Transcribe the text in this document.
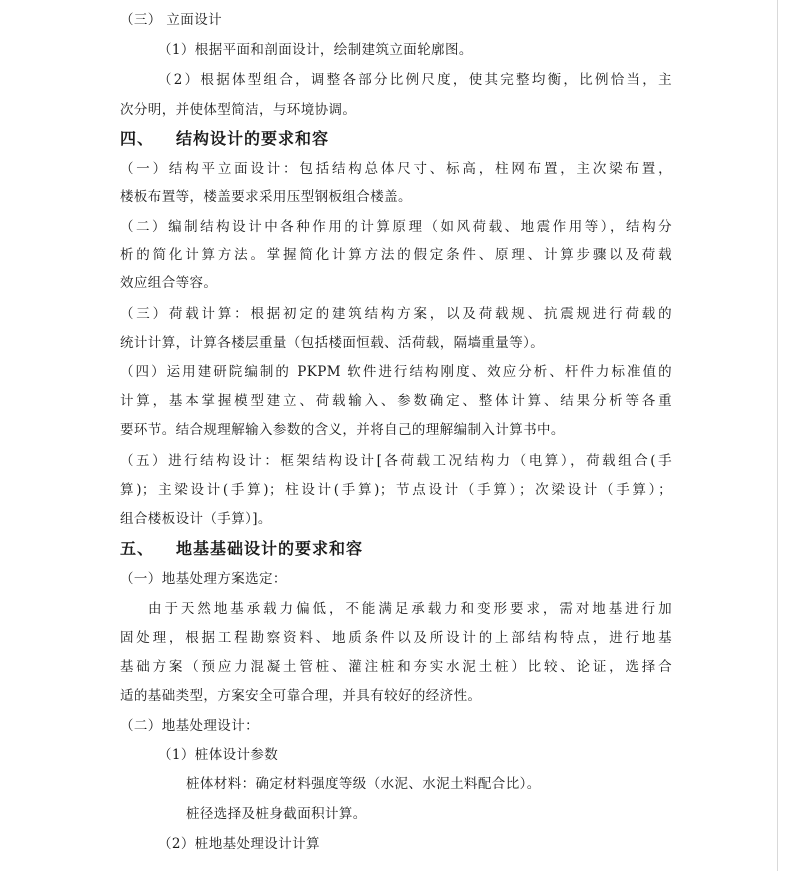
（三） 立面设计
（1）根据平面和剖面设计，绘制建筑立面轮廓图。
（2）根据体型组合，调整各部分比例尺度，使其完整均衡，比例恰当，主
次分明，并使体型简洁，与环境协调。
四、 结构设计的要求和容
（一）结构平立面设计：包括结构总体尺寸、标高，柱网布置，主次梁布置，
楼板布置等，楼盖要求采用压型钢板组合楼盖。
（二）编制结构设计中各种作用的计算原理（如风荷载、地震作用等），结构分
析的简化计算方法。掌握简化计算方法的假定条件、原理、计算步骤以及荷载
效应组合等容。
（三）荷载计算：根据初定的建筑结构方案，以及荷载规、抗震规进行荷载的
统计计算，计算各楼层重量（包括楼面恒载、活荷载，隔墙重量等）。
（四）运用建研院编制的 PKPM 软件进行结构刚度、效应分析、杆件力标准值的
计算，基本掌握模型建立、荷载输入、参数确定、整体计算、结果分析等各重
要环节。结合规理解输入参数的含义，并将自己的理解编制入计算书中。
（五）进行结构设计：框架结构设计[各荷载工况结构力（电算），荷载组合(手
算)；主梁设计(手算)；柱设计(手算)；节点设计（手算）；次梁设计（手算）；
组合楼板设计（手算）]。
五、 地基基础设计的要求和容
（一）地基处理方案选定：
由于天然地基承载力偏低，不能满足承载力和变形要求，需对地基进行加
固处理，根据工程勘察资料、地质条件以及所设计的上部结构特点，进行地基
基础方案（预应力混凝土管桩、灌注桩和夯实水泥土桩）比较、论证，选择合
适的基础类型，方案安全可靠合理，并具有较好的经济性。
（二）地基处理设计：
（1）桩体设计参数
桩体材料：确定材料强度等级（水泥、水泥土料配合比）。
桩径选择及桩身截面积计算。
（2）桩地基处理设计计算
